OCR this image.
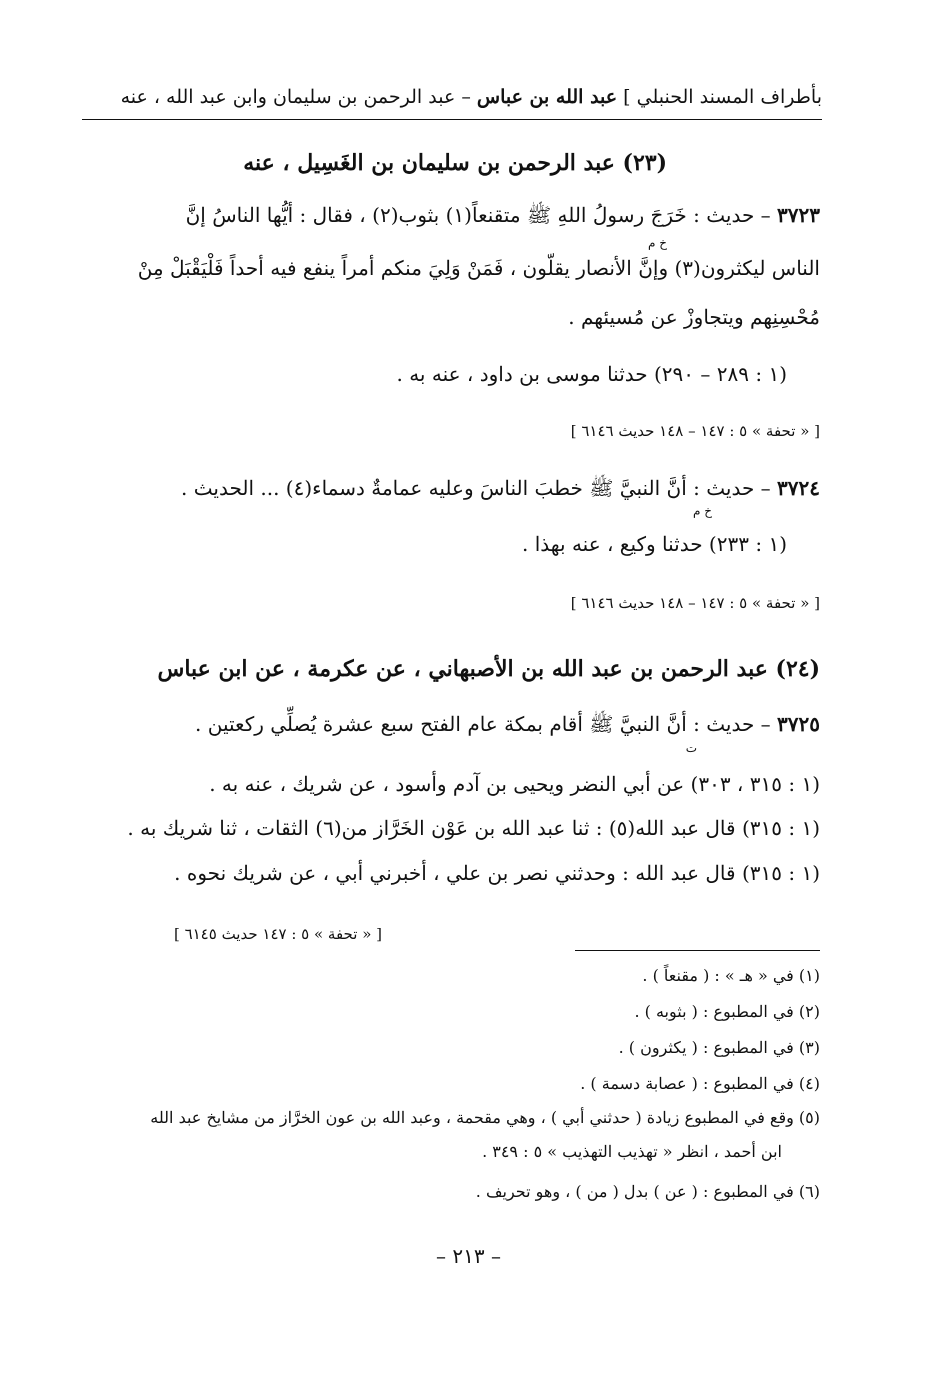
بأطراف المسند الحنبلي ] عبد الله بن عباس – عبد الرحمن بن سليمان وابن عبد الله ، عنه
(٢٣) عبد الرحمن بن سليمان بن الغَسِيل ، عنه
٣٧٢٣ – حديث : خَرَجَ رسولُ اللهِ ﷺ متقنعاً(١) بثوب(٢) ، فقال : أيُّها الناسُ إنَّ
خ م
الناس ليكثرون(٣) وإنَّ الأنصار يقلّون ، فَمَنْ وَلِيَ منكم أمراً ينفع فيه أحداً فَلْيَقْبَلْ مِنْ
مُحْسِنِهم ويتجاوزْ عن مُسيئهم .
(١ : ٢٨٩ – ٢٩٠) حدثنا موسى بن داود ، عنه به .
[ « تحفة » ٥ : ١٤٧ – ١٤٨ حديث ٦١٤٦ ]
٣٧٢٤ – حديث : أنَّ النبيَّ ﷺ خطبَ الناسَ وعليه عمامةٌ دسماء(٤) ... الحديث .
خ م
(١ : ٢٣٣) حدثنا وكيع ، عنه بهذا .
[ « تحفة » ٥ : ١٤٧ – ١٤٨ حديث ٦١٤٦ ]
(٢٤) عبد الرحمن بن عبد الله بن الأصبهاني ، عن عكرمة ، عن ابن عباس
٣٧٢٥ – حديث : أنَّ النبيَّ ﷺ أقام بمكة عام الفتح سبع عشرة يُصلِّي ركعتين .
ت
(١ : ٣١٥ ، ٣٠٣) عن أبي النضر ويحيى بن آدم وأسود ، عن شريك ، عنه به .
(١ : ٣١٥) قال عبد الله(٥) : ثنا عبد الله بن عَوْن الخَرَّاز من(٦) الثقات ، ثنا شريك به .
(١ : ٣١٥) قال عبد الله : وحدثني نصر بن علي ، أخبرني أبي ، عن شريك نحوه .
[ « تحفة » ٥ : ١٤٧ حديث ٦١٤٥ ]
(١) في « هـ » : ( مقنعاً ) .
(٢) في المطبوع : ( بثوبه ) .
(٣) في المطبوع : ( يكثرون ) .
(٤) في المطبوع : ( عصابة دسمة ) .
(٥) وقع في المطبوع زيادة ( حدثني أبي ) ، وهي مقحمة ، وعبد الله بن عون الخرَّاز من مشايخ عبد الله
ابن أحمد ، انظر « تهذيب التهذيب » ٥ : ٣٤٩ .
(٦) في المطبوع : ( عن ) بدل ( من ) ، وهو تحريف .
– ٢١٣ –
